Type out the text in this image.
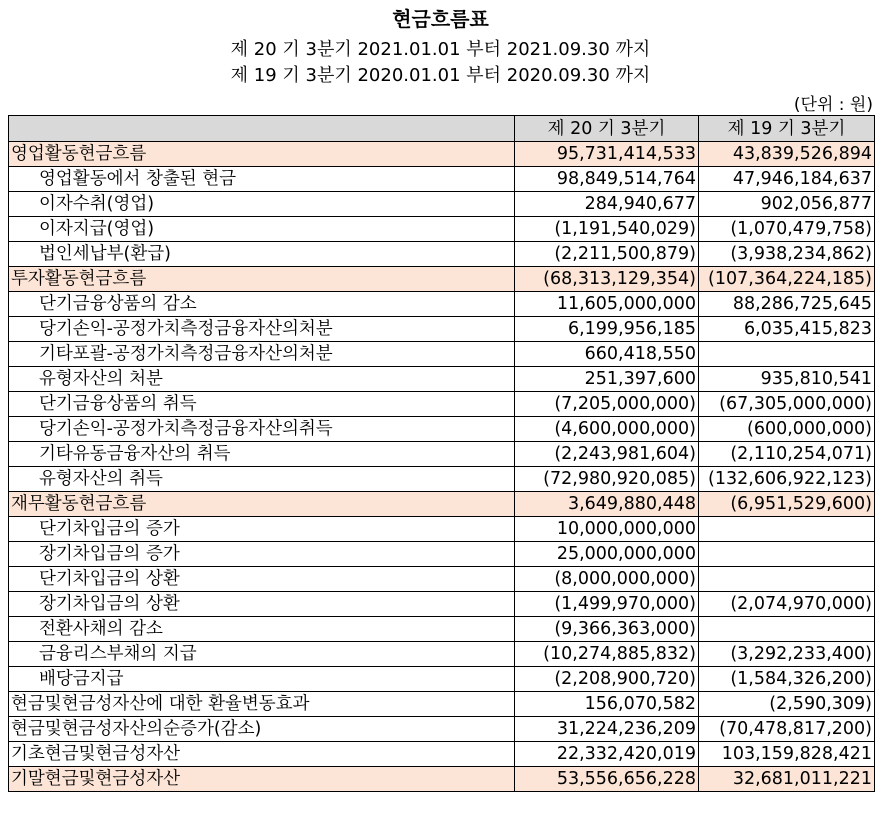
현금흐름표
제 20 기 3분기 2021.01.01 부터 2021.09.30 까지
제 19 기 3분기 2020.01.01 부터 2020.09.30 까지
(단위 : 원)
	제 20 기 3분기	제 19 기 3분기
영업활동현금흐름	95,731,414,533	43,839,526,894
영업활동에서 창출된 현금	98,849,514,764	47,946,184,637
이자수취(영업)	284,940,677	902,056,877
이자지급(영업)	(1,191,540,029)	(1,070,479,758)
법인세납부(환급)	(2,211,500,879)	(3,938,234,862)
투자활동현금흐름	(68,313,129,354)	(107,364,224,185)
단기금융상품의 감소	11,605,000,000	88,286,725,645
당기손익-공정가치측정금융자산의처분	6,199,956,185	6,035,415,823
기타포괄-공정가치측정금융자산의처분	660,418,550	
유형자산의 처분	251,397,600	935,810,541
단기금융상품의 취득	(7,205,000,000)	(67,305,000,000)
당기손익-공정가치측정금융자산의취득	(4,600,000,000)	(600,000,000)
기타유동금융자산의 취득	(2,243,981,604)	(2,110,254,071)
유형자산의 취득	(72,980,920,085)	(132,606,922,123)
재무활동현금흐름	3,649,880,448	(6,951,529,600)
단기차입금의 증가	10,000,000,000	
장기차입금의 증가	25,000,000,000	
단기차입금의 상환	(8,000,000,000)	
장기차입금의 상환	(1,499,970,000)	(2,074,970,000)
전환사채의 감소	(9,366,363,000)	
금융리스부채의 지급	(10,274,885,832)	(3,292,233,400)
배당금지급	(2,208,900,720)	(1,584,326,200)
현금및현금성자산에 대한 환율변동효과	156,070,582	(2,590,309)
현금및현금성자산의순증가(감소)	31,224,236,209	(70,478,817,200)
기초현금및현금성자산	22,332,420,019	103,159,828,421
기말현금및현금성자산	53,556,656,228	32,681,011,221
